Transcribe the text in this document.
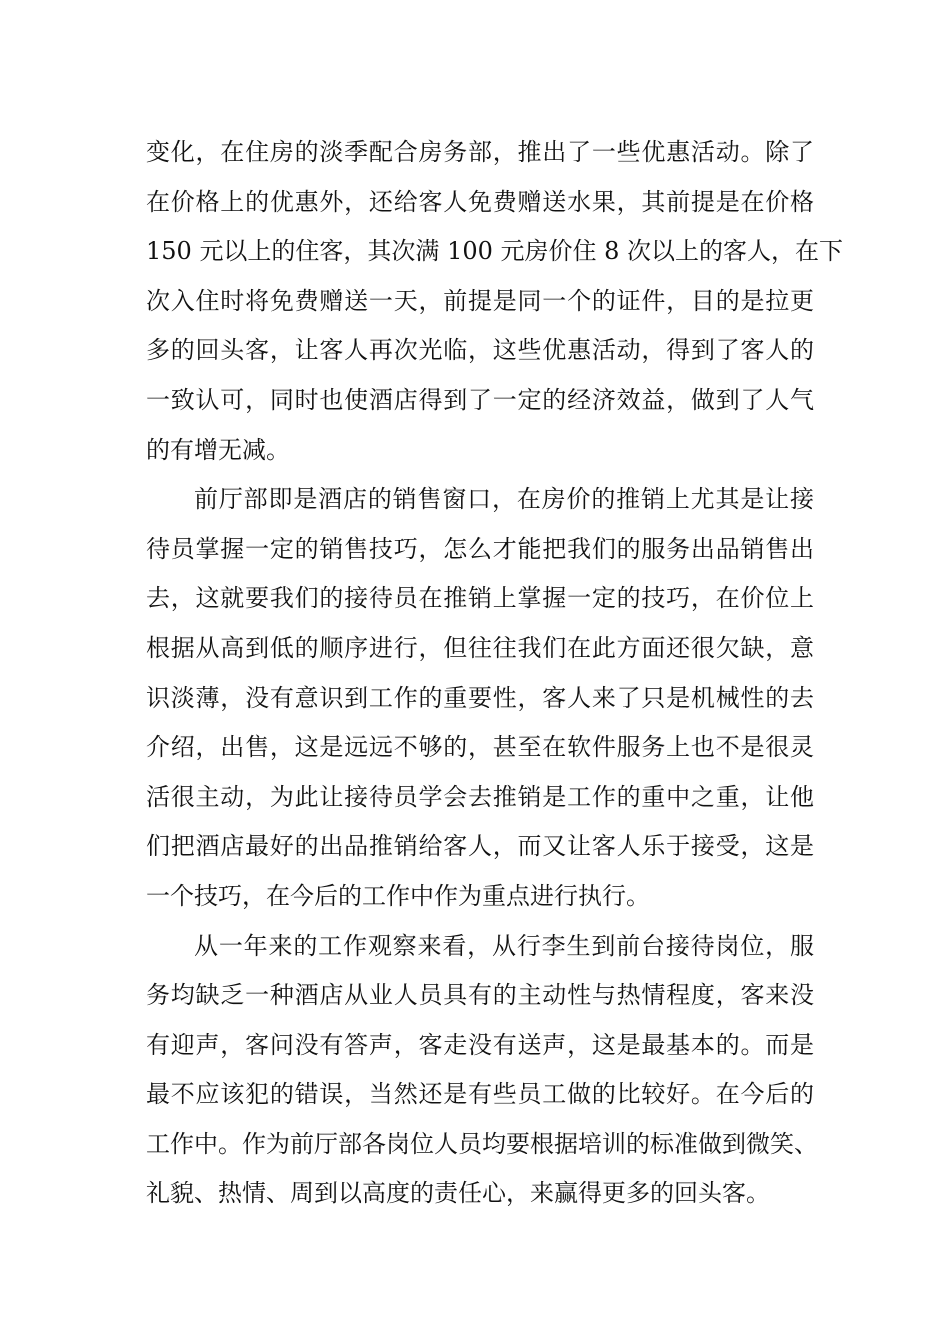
变化，在住房的淡季配合房务部，推出了一些优惠活动。除了
在价格上的优惠外，还给客人免费赠送水果，其前提是在价格
150 元以上的住客，其次满 100 元房价住 8 次以上的客人，在下
次入住时将免费赠送一天，前提是同一个的证件，目的是拉更
多的回头客，让客人再次光临，这些优惠活动，得到了客人的
一致认可，同时也使酒店得到了一定的经济效益，做到了人气
的有增无减。
前厅部即是酒店的销售窗口，在房价的推销上尤其是让接
待员掌握一定的销售技巧，怎么才能把我们的服务出品销售出
去，这就要我们的接待员在推销上掌握一定的技巧，在价位上
根据从高到低的顺序进行，但往往我们在此方面还很欠缺，意
识淡薄，没有意识到工作的重要性，客人来了只是机械性的去
介绍，出售，这是远远不够的，甚至在软件服务上也不是很灵
活很主动，为此让接待员学会去推销是工作的重中之重，让他
们把酒店最好的出品推销给客人，而又让客人乐于接受，这是
一个技巧，在今后的工作中作为重点进行执行。
从一年来的工作观察来看，从行李生到前台接待岗位，服
务均缺乏一种酒店从业人员具有的主动性与热情程度，客来没
有迎声，客问没有答声，客走没有送声，这是最基本的。而是
最不应该犯的错误，当然还是有些员工做的比较好。在今后的
工作中。作为前厅部各岗位人员均要根据培训的标准做到微笑、
礼貌、热情、周到以高度的责任心，来赢得更多的回头客。
